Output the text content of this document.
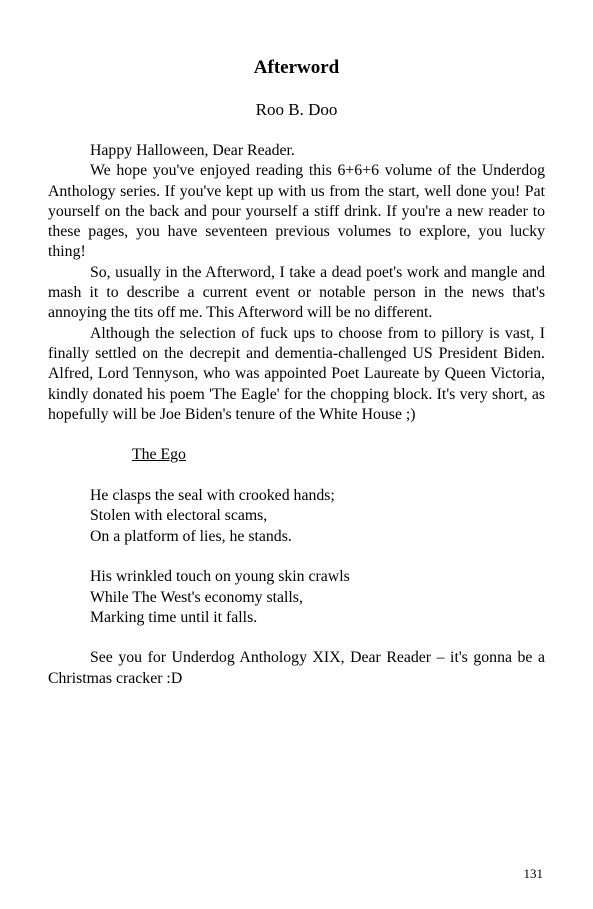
Afterword
Roo B. Doo

Happy Halloween, Dear Reader.

We hope you've enjoyed reading this 6+6+6 volume of the Underdog Anthology series. If you've kept up with us from the start, well done you! Pat yourself on the back and pour yourself a stiff drink. If you're a new reader to these pages, you have seventeen previous volumes to explore, you lucky thing!

So, usually in the Afterword, I take a dead poet's work and mangle and mash it to describe a current event or notable person in the news that's annoying the tits off me. This Afterword will be no different.

Although the selection of fuck ups to choose from to pillory is vast, I finally settled on the decrepit and dementia-challenged US President Biden. Alfred, Lord Tennyson, who was appointed Poet Laureate by Queen Victoria, kindly donated his poem 'The Eagle' for the chopping block. It's very short, as hopefully will be Joe Biden's tenure of the White House ;)

The Ego

He clasps the seal with crooked hands;
Stolen with electoral scams,
On a platform of lies, he stands.
His wrinkled touch on young skin crawls
While The West's economy stalls,
Marking time until it falls.

See you for Underdog Anthology XIX, Dear Reader – it's gonna be a Christmas cracker :D

131
